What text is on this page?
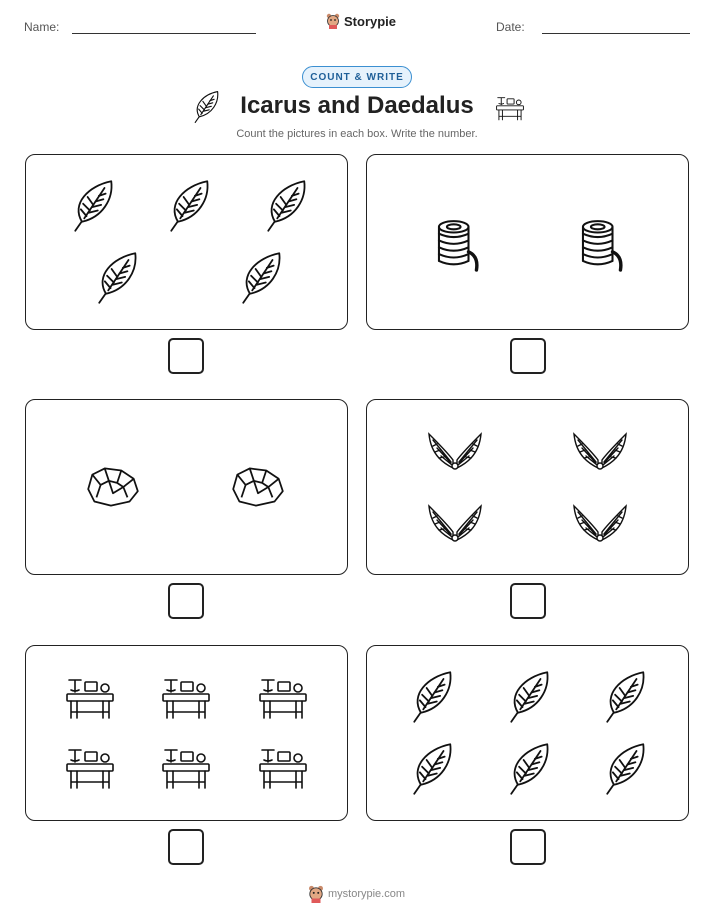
Name:	Storypie	Date:
COUNT & WRITE
Icarus and Daedalus
Count the pictures in each box. Write the number.
mystorypie.com
